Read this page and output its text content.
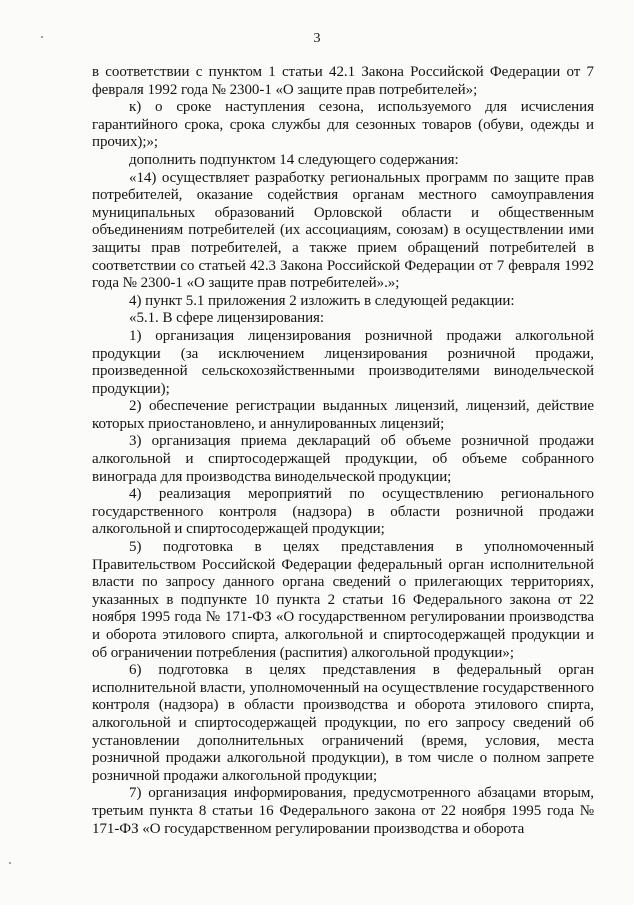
3

в соответствии с пунктом 1 статьи 42.1 Закона Российской Федерации от 7 февраля 1992 года № 2300-1 «О защите прав потребителей»;

к) о сроке наступления сезона, используемого для исчисления гарантийного срока, срока службы для сезонных товаров (обуви, одежды и прочих);»;

дополнить подпунктом 14 следующего содержания:

«14) осуществляет разработку региональных программ по защите прав потребителей, оказание содействия органам местного самоуправления муниципальных образований Орловской области и общественным объединениям потребителей (их ассоциациям, союзам) в осуществлении ими защиты прав потребителей, а также прием обращений потребителей в соответствии со статьей 42.3 Закона Российской Федерации от 7 февраля 1992 года № 2300-1 «О защите прав потребителей».»;

4) пункт 5.1 приложения 2 изложить в следующей редакции:

«5.1. В сфере лицензирования:

1) организация лицензирования розничной продажи алкогольной продукции (за исключением лицензирования розничной продажи, произведенной сельскохозяйственными производителями винодельческой продукции);

2) обеспечение регистрации выданных лицензий, лицензий, действие которых приостановлено, и аннулированных лицензий;

3) организация приема деклараций об объеме розничной продажи алкогольной и спиртосодержащей продукции, об объеме собранного винограда для производства винодельческой продукции;

4) реализация мероприятий по осуществлению регионального государственного контроля (надзора) в области розничной продажи алкогольной и спиртосодержащей продукции;

5) подготовка в целях представления в уполномоченный Правительством Российской Федерации федеральный орган исполнительной власти по запросу данного органа сведений о прилегающих территориях, указанных в подпункте 10 пункта 2 статьи 16 Федерального закона от 22 ноября 1995 года № 171-ФЗ «О государственном регулировании производства и оборота этилового спирта, алкогольной и спиртосодержащей продукции и об ограничении потребления (распития) алкогольной продукции»;

6) подготовка в целях представления в федеральный орган исполнительной власти, уполномоченный на осуществление государственного контроля (надзора) в области производства и оборота этилового спирта, алкогольной и спиртосодержащей продукции, по его запросу сведений об установлении дополнительных ограничений (время, условия, места розничной продажи алкогольной продукции), в том числе о полном запрете розничной продажи алкогольной продукции;

7) организация информирования, предусмотренного абзацами вторым, третьим пункта 8 статьи 16 Федерального закона от 22 ноября 1995 года № 171-ФЗ «О государственном регулировании производства и оборота
